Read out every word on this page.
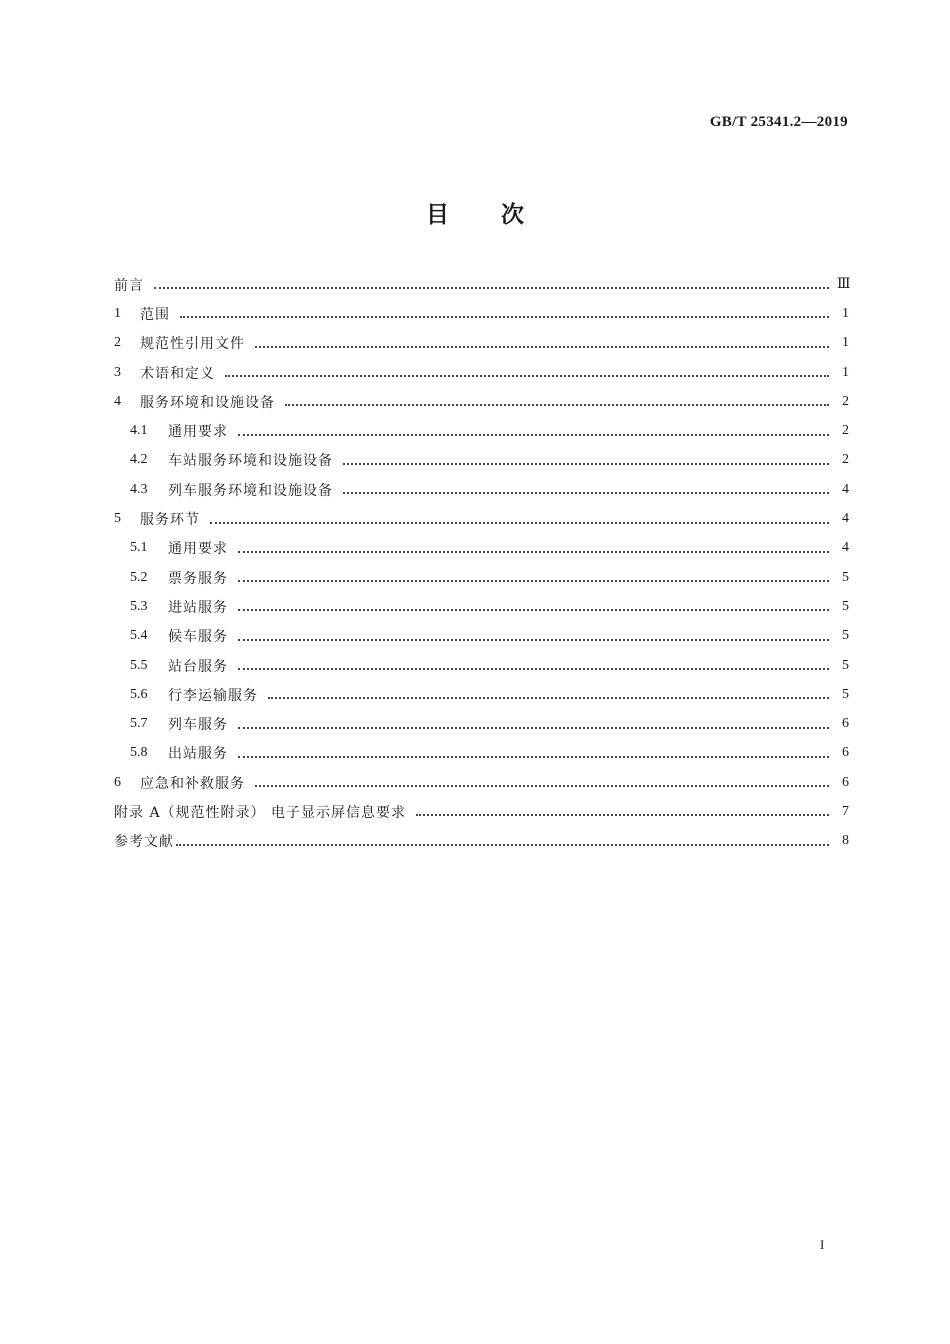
GB/T 25341.2—2019
目 次
前言	Ⅲ
1	范围	1
2	规范性引用文件	1
3	术语和定义	1
4	服务环境和设施设备	2
4.1	通用要求	2
4.2	车站服务环境和设施设备	2
4.3	列车服务环境和设施设备	4
5	服务环节	4
5.1	通用要求	4
5.2	票务服务	5
5.3	进站服务	5
5.4	候车服务	5
5.5	站台服务	5
5.6	行李运输服务	5
5.7	列车服务	6
5.8	出站服务	6
6	应急和补救服务	6
附录 A（规范性附录） 电子显示屏信息要求	7
参考文献	8
I
